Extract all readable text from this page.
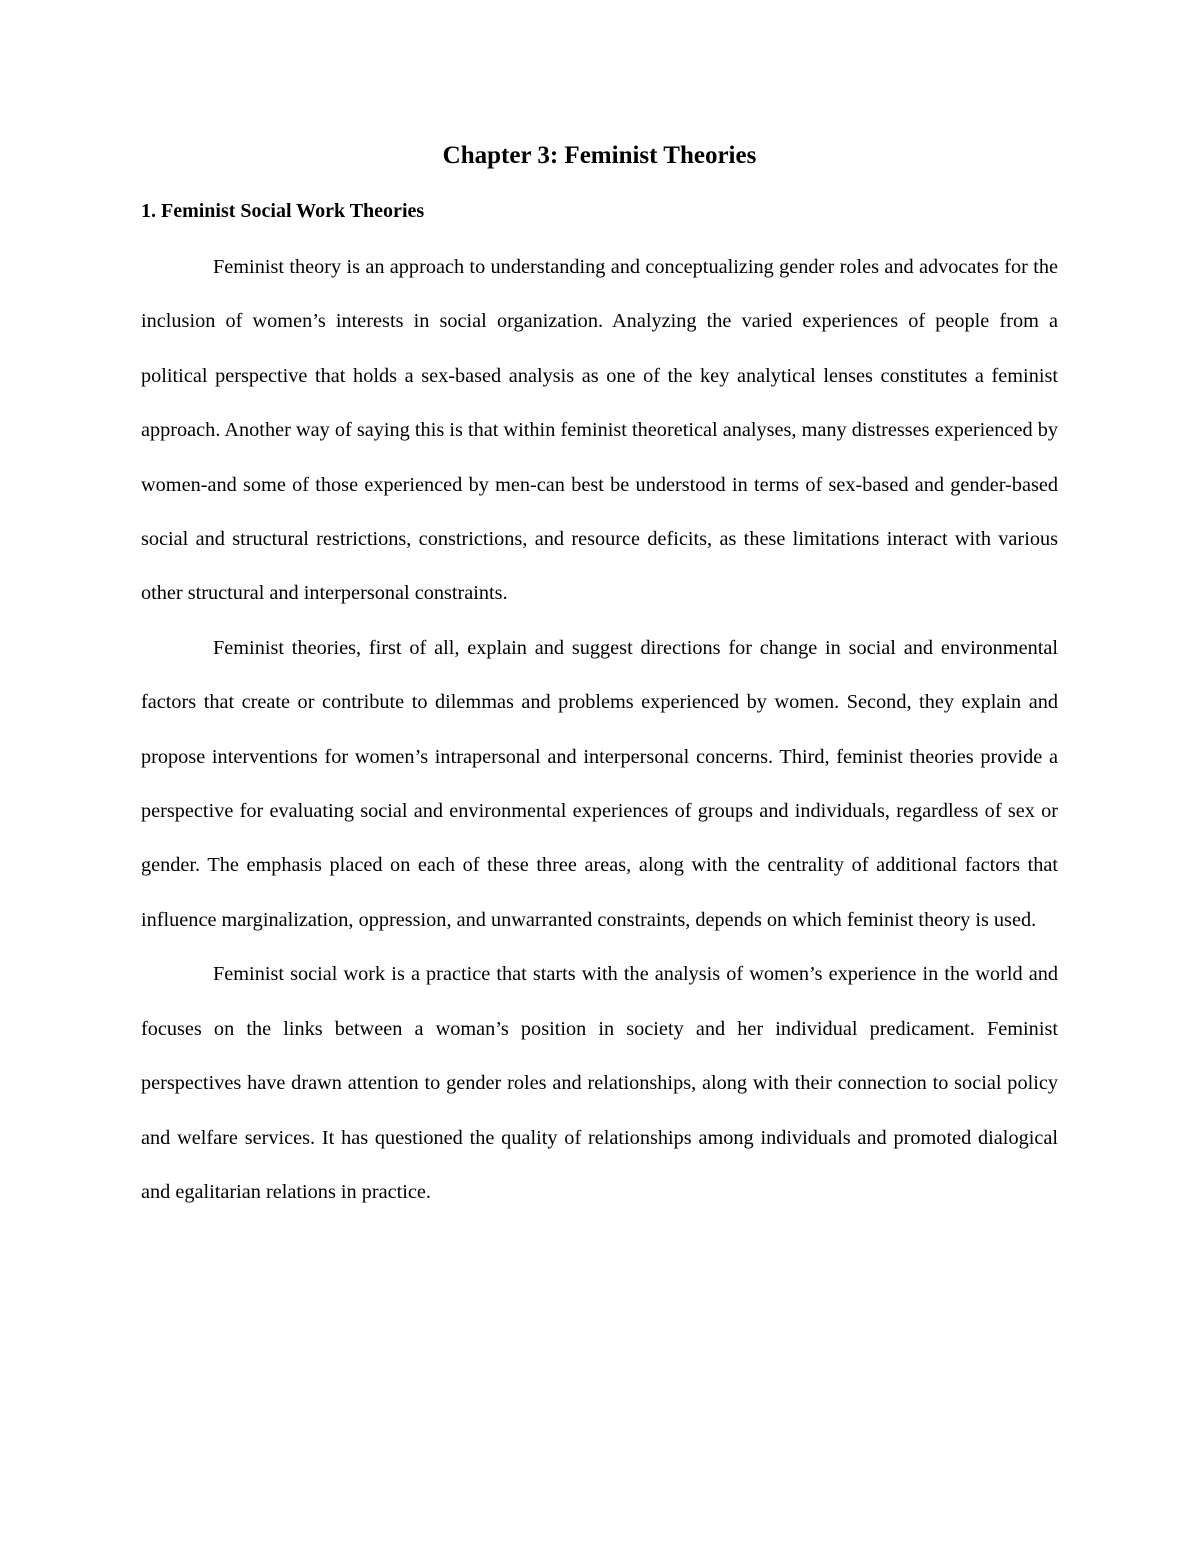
Chapter 3: Feminist Theories
1. Feminist Social Work Theories

Feminist theory is an approach to understanding and conceptualizing gender roles and advocates for the inclusion of women’s interests in social organization. Analyzing the varied experiences of people from a political perspective that holds a sex-based analysis as one of the key analytical lenses constitutes a feminist approach. Another way of saying this is that within feminist theoretical analyses, many distresses experienced by women-and some of those experienced by men-can best be understood in terms of sex-based and gender-based social and structural restrictions, constrictions, and resource deficits, as these limitations interact with various other structural and interpersonal constraints.

Feminist theories, first of all, explain and suggest directions for change in social and environmental factors that create or contribute to dilemmas and problems experienced by women. Second, they explain and propose interventions for women’s intrapersonal and interpersonal concerns. Third, feminist theories provide a perspective for evaluating social and environmental experiences of groups and individuals, regardless of sex or gender. The emphasis placed on each of these three areas, along with the centrality of additional factors that influence marginalization, oppression, and unwarranted constraints, depends on which feminist theory is used.

Feminist social work is a practice that starts with the analysis of women’s experience in the world and focuses on the links between a woman’s position in society and her individual predicament. Feminist perspectives have drawn attention to gender roles and relationships, along with their connection to social policy and welfare services. It has questioned the quality of relationships among individuals and promoted dialogical and egalitarian relations in practice.
